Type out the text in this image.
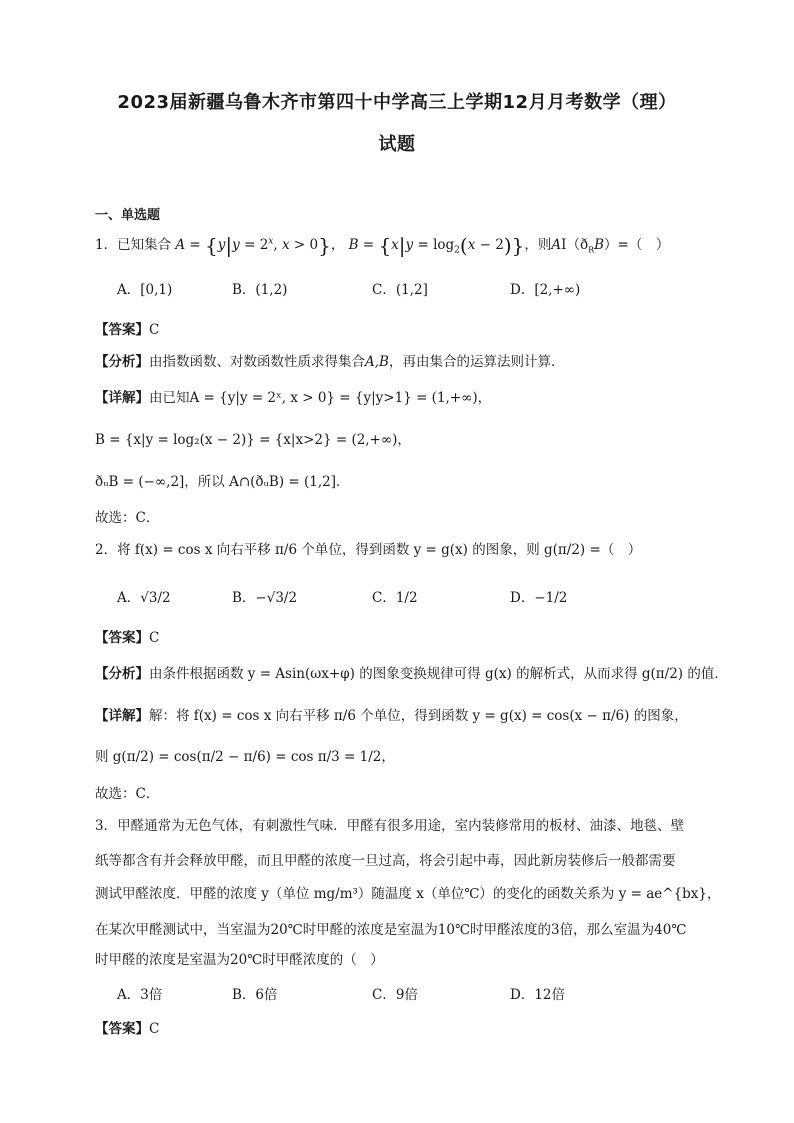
2023届新疆乌鲁木齐市第四十中学高三上学期12月月考数学（理）
试题
一、单选题
1．已知集合 $A = \{y|y = 2^x$, x > 0}， $B = \{x|y = \log_2(x - 2)\}$，则$AI(ð_RB)=$（　）
A．[0,1)	B．(1,2)	C．(1,2]	D．[2,+∞)
【答案】C
【分析】由指数函数、对数函数性质求得集合A,B，再由集合的运算法则计算．
【详解】由已知A = {y|y = 2ˣ, x > 0} = {y|y>1} = (1,+∞)，
B = {x|y = log₂(x − 2)} = {x|x>2} = (2,+∞)，
ðᵤB = (−∞,2]，所以 A∩(ðᵤB) = (1,2]．
故选：C．
2．将 f(x) = cos x 向右平移 π/6 个单位，得到函数 y = g(x) 的图象，则 g(π/2) =（　）
A．√3/2	B．−√3/2	C．1/2	D．−1/2
【答案】C
【分析】由条件根据函数 y = Asin(ωx+φ) 的图象变换规律可得 g(x) 的解析式，从而求得 g(π/2) 的值．
【详解】解：将 f(x) = cos x 向右平移 π/6 个单位，得到函数 y = g(x) = cos(x − π/6) 的图象，
则 g(π/2) = cos(π/2 − π/6) = cos π/3 = 1/2，
故选：C．
3．甲醛通常为无色气体，有刺激性气味．甲醛有很多用途，室内装修常用的板材、油漆、地毯、壁
纸等都含有并会释放甲醛，而且甲醛的浓度一旦过高，将会引起中毒，因此新房装修后一般都需要
测试甲醛浓度．甲醛的浓度 y（单位 mg/m³）随温度 x（单位℃）的变化的函数关系为 y = ae^{bx}，
在某次甲醛测试中，当室温为20℃时甲醛的浓度是室温为10℃时甲醛浓度的3倍，那么室温为40℃
时甲醛的浓度是室温为20℃时甲醛浓度的（　）
A．3倍	B．6倍	C．9倍	D．12倍
【答案】C
